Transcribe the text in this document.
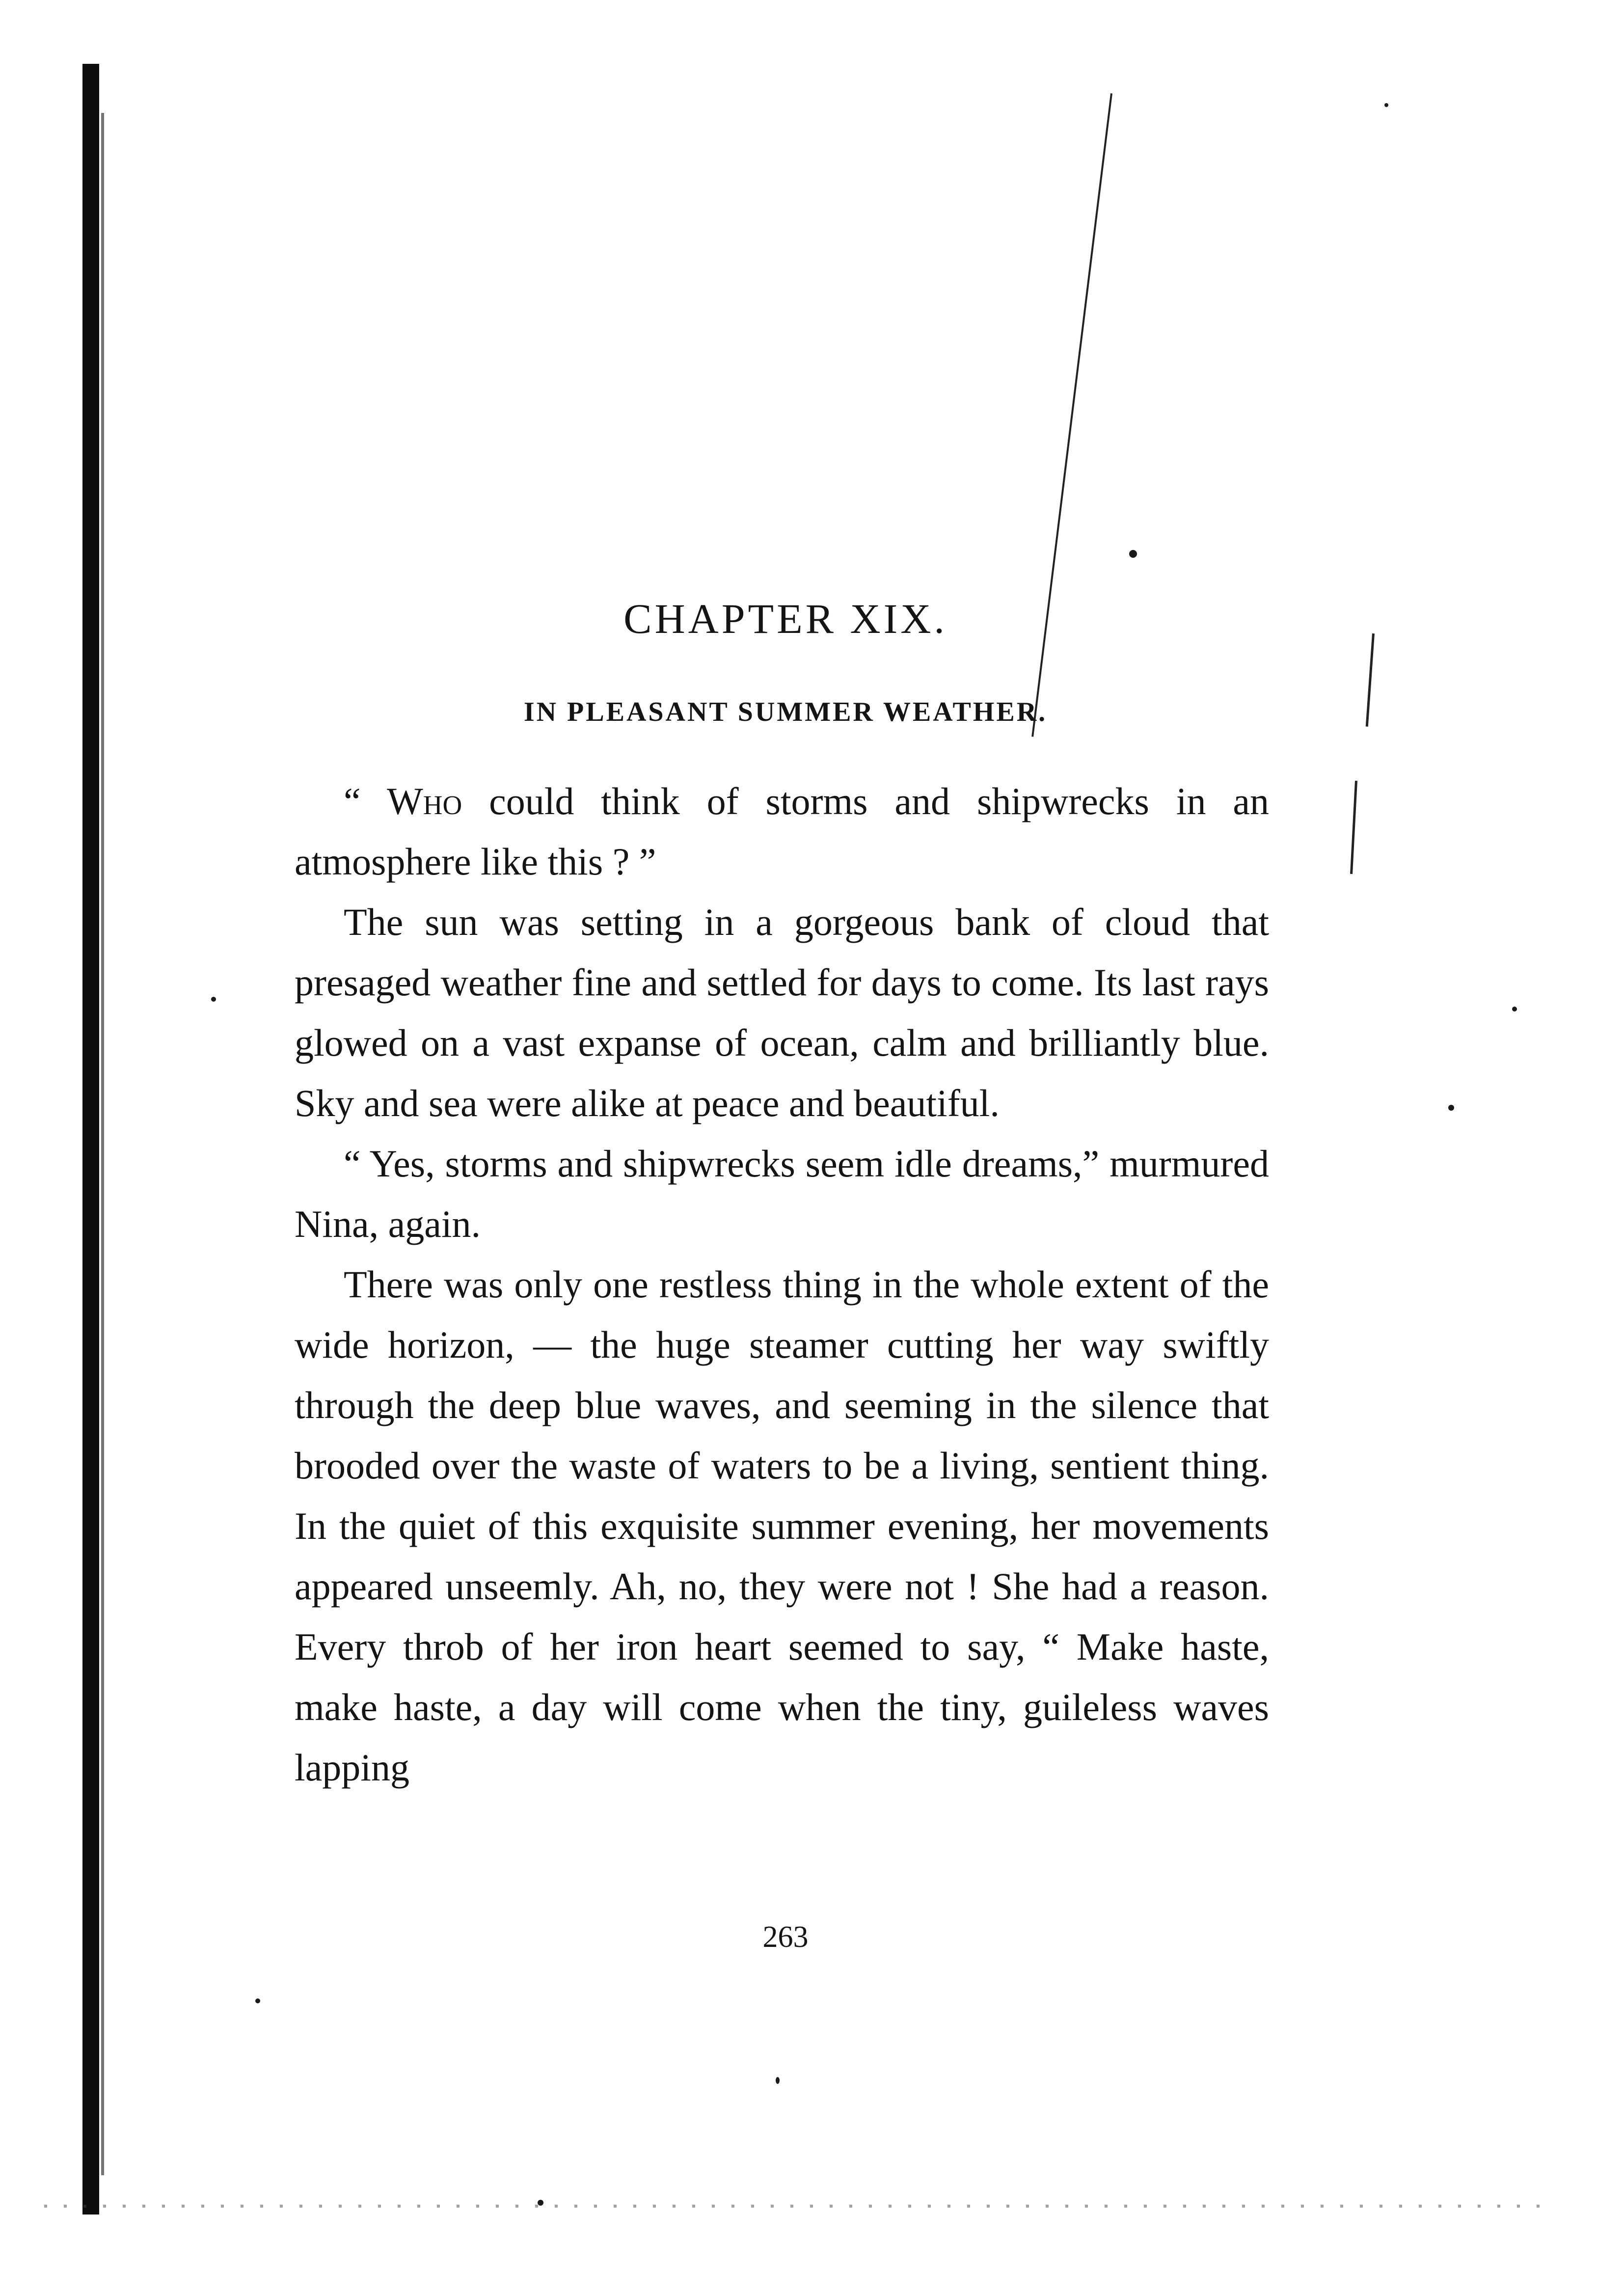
CHAPTER XIX.
IN PLEASANT SUMMER WEATHER.

“ Who could think of storms and shipwrecks in an atmosphere like this ? ”

The sun was setting in a gorgeous bank of cloud that presaged weather fine and settled for days to come. Its last rays glowed on a vast expanse of ocean, calm and brilliantly blue. Sky and sea were alike at peace and beautiful.

“ Yes, storms and shipwrecks seem idle dreams,” murmured Nina, again.

There was only one restless thing in the whole extent of the wide horizon, — the huge steamer cutting her way swiftly through the deep blue waves, and seeming in the silence that brooded over the waste of waters to be a living, sentient thing. In the quiet of this exquisite summer evening, her movements appeared unseemly. Ah, no, they were not ! She had a reason. Every throb of her iron heart seemed to say, “ Make haste, make haste, a day will come when the tiny, guileless waves lapping

263
